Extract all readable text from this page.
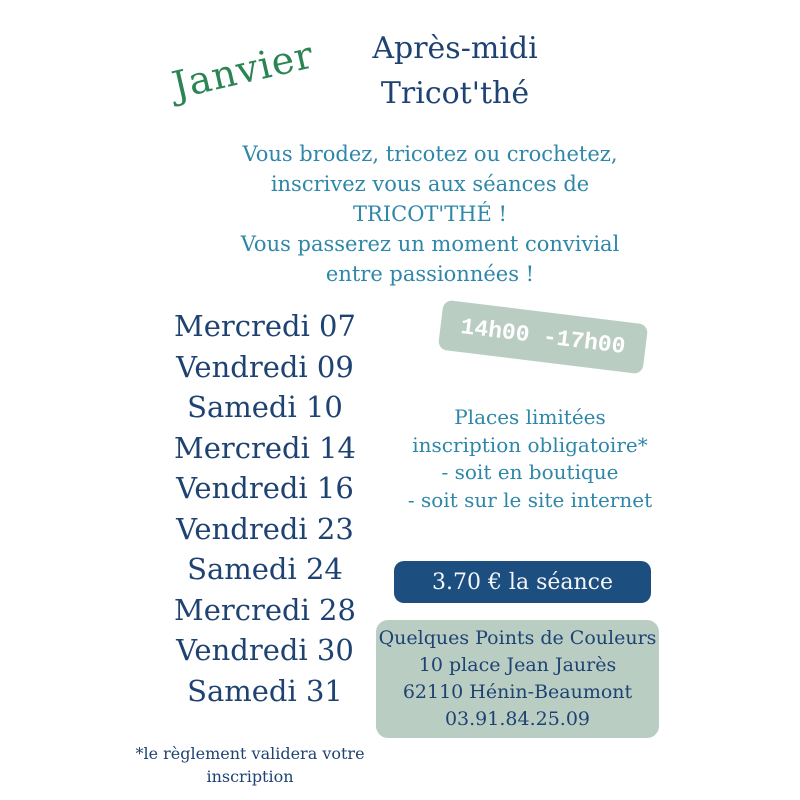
Janvier	Après-midi
Tricot'thé
Vous brodez, tricotez ou crochetez,
inscrivez vous aux séances de
TRICOT'THÉ !
Vous passerez un moment convivial
entre passionnées !
Mercredi 07
Vendredi 09
Samedi 10
Mercredi 14
Vendredi 16
Vendredi 23
Samedi 24
Mercredi 28
Vendredi 30
Samedi 31
14h00 -17h00
Places limitées
inscription obligatoire*
- soit en boutique
- soit sur le site internet
3.70 € la séance
Quelques Points de Couleurs
10 place Jean Jaurès
62110 Hénin-Beaumont
03.91.84.25.09
*le règlement validera votre
inscription
